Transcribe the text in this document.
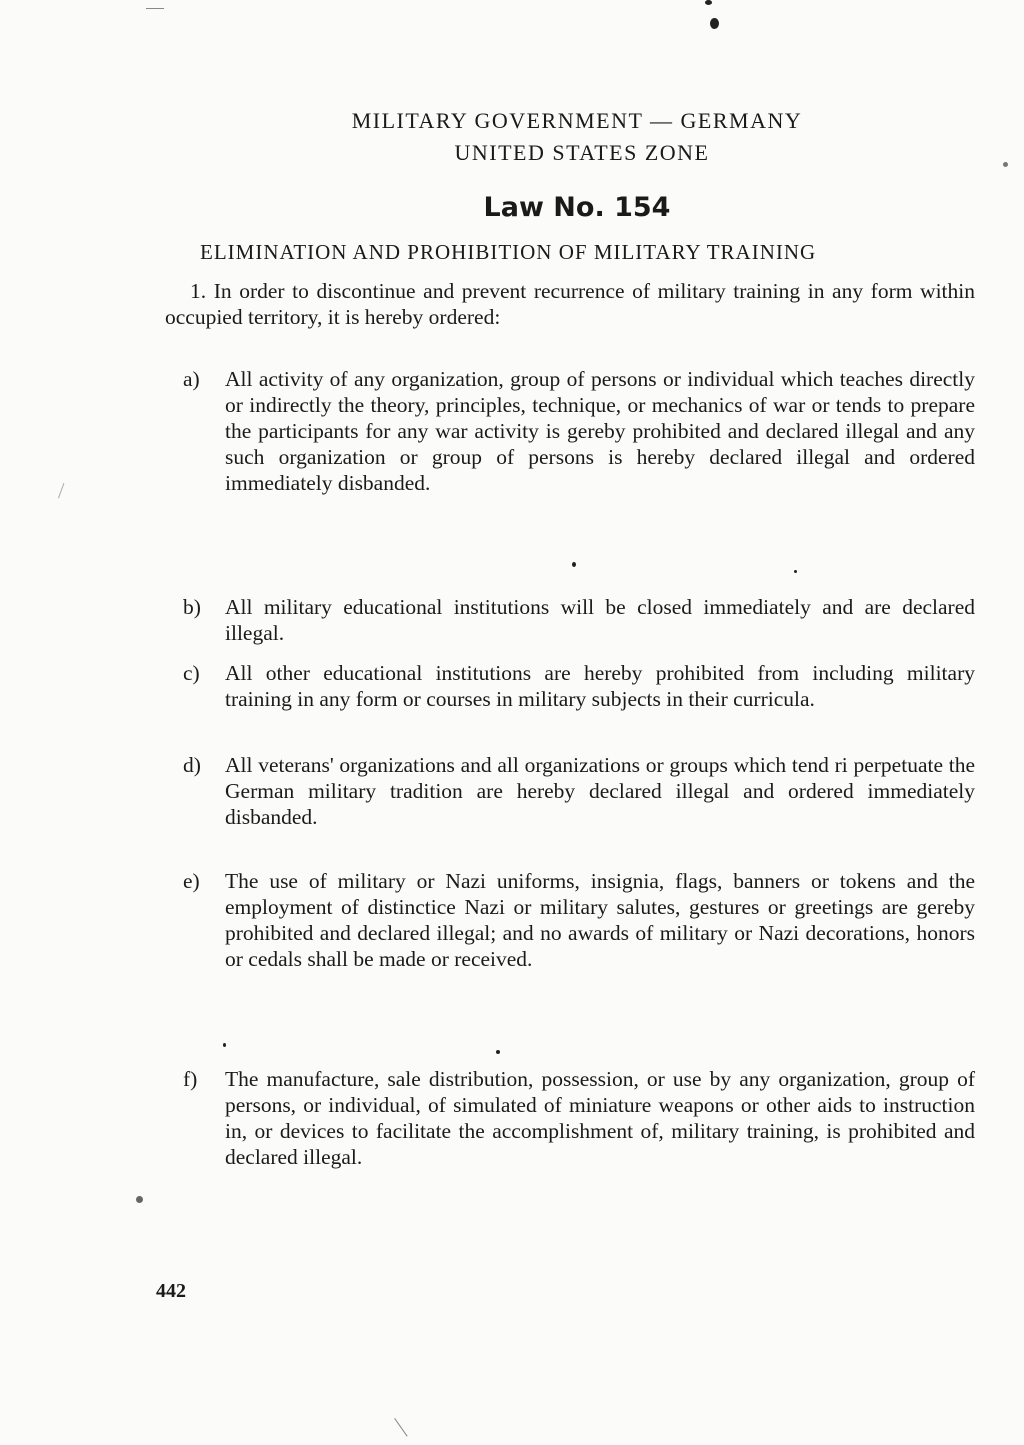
MILITARY GOVERNMENT — GERMANY
UNITED STATES ZONE
Law No. 154
ELIMINATION AND PROHIBITION OF MILITARY TRAINING
1. In order to discontinue and prevent recurrence of military training in any form within occupied territory, it is hereby ordered:
a)	All activity of any organization, group of persons or individual which teaches directly or indirectly the theory, principles, technique, or mechanics of war or tends to prepare the participants for any war activity is gereby prohibited and declared illegal and any such organization or group of persons is hereby declared illegal and ordered immediately disbanded.
b)	All military educational institutions will be closed immediately and are declared illegal.
c)	All other educational institutions are hereby prohibited from including military training in any form or courses in military subjects in their curricula.
d)	All veterans' organizations and all organizations or groups which tend ri perpetuate the German military tradition are hereby declared illegal and ordered immediately disbanded.
e)	The use of military or Nazi uniforms, insignia, flags, banners or tokens and the employment of distinctice Nazi or military salutes, gestures or greetings are gereby prohibited and declared illegal; and no awards of military or Nazi decorations, honors or cedals shall be made or received.
f)	The manufacture, sale distribution, possession, or use by any organization, group of persons, or individual, of simulated of miniature weapons or other aids to instruction in, or devices to facilitate the accomplishment of, military training, is prohibited and declared illegal.
442
